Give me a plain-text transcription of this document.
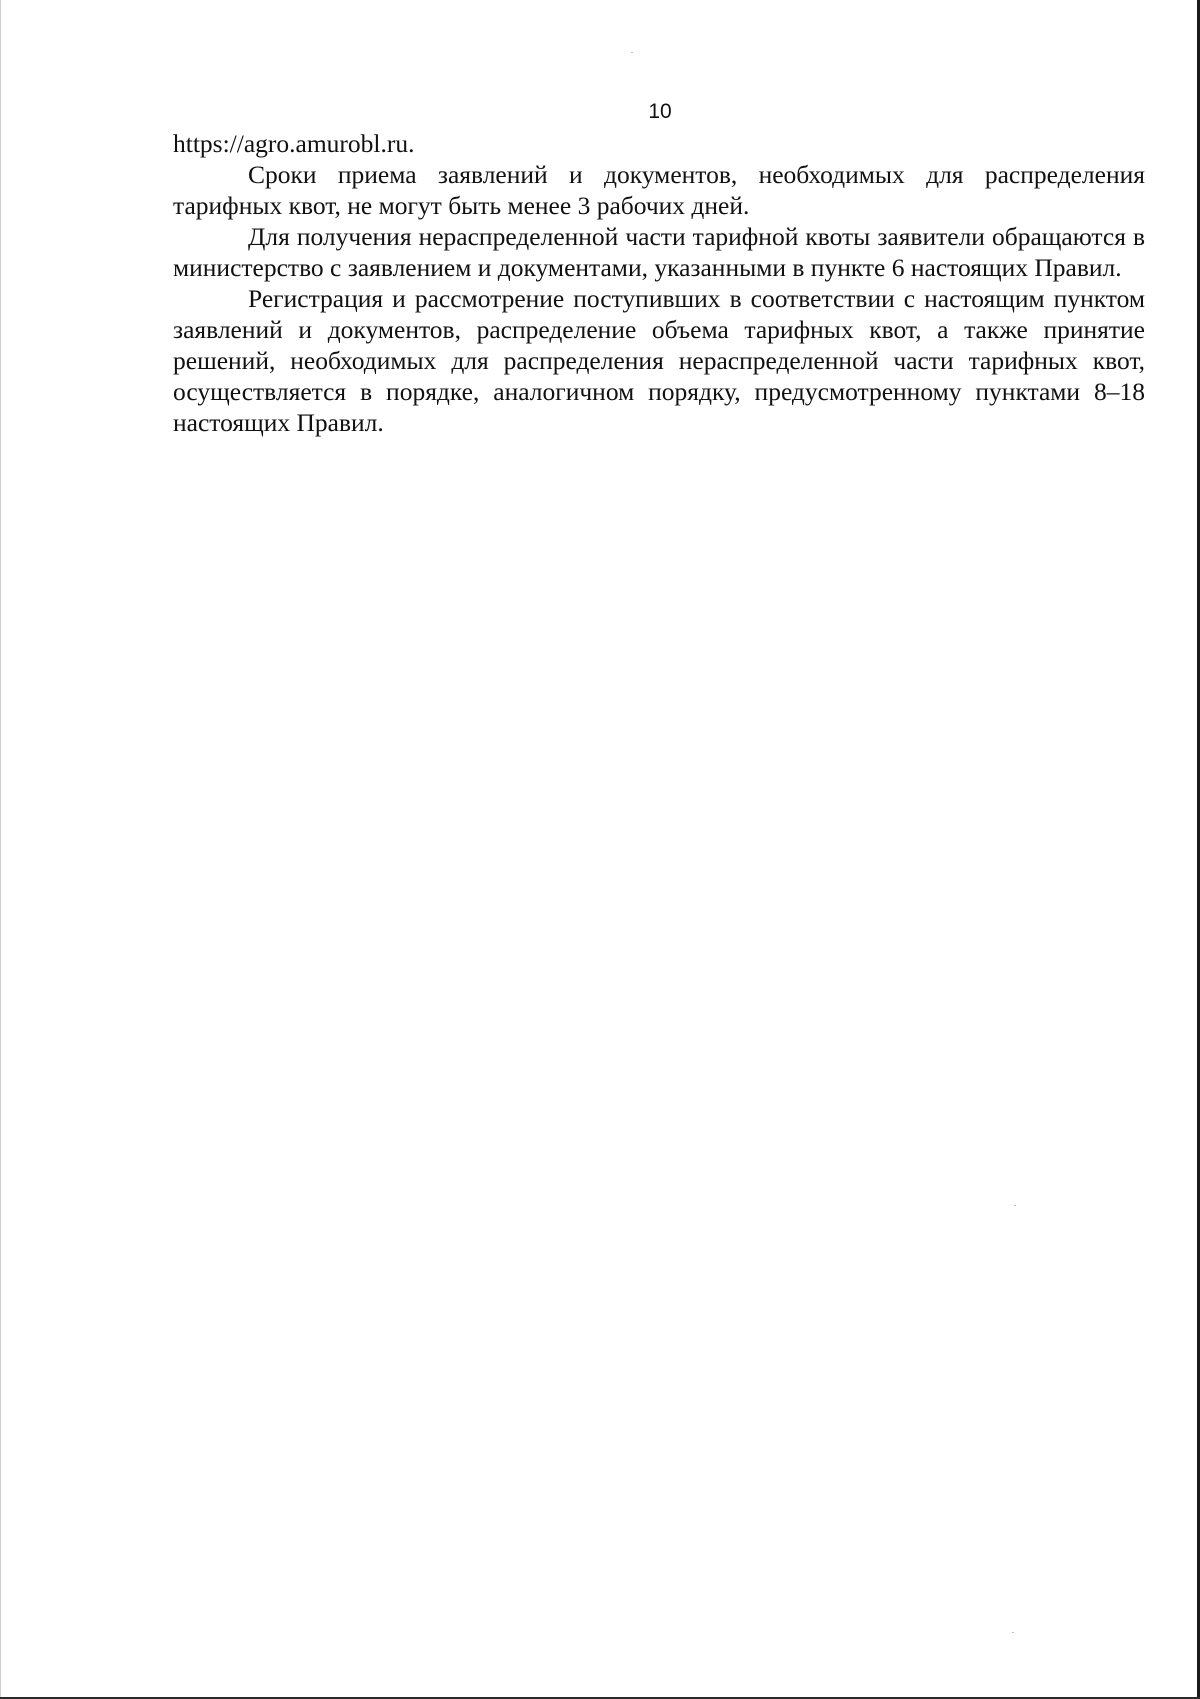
10

https://agro.amurobl.ru.

Сроки приема заявлений и документов, необходимых для распределения тарифных квот, не могут быть менее 3 рабочих дней.

Для получения нераспределенной части тарифной квоты заявители обращаются в министерство с заявлением и документами, указанными в пункте 6 настоящих Правил.

Регистрация и рассмотрение поступивших в соответствии с настоящим пунктом заявлений и документов, распределение объема тарифных квот, а также принятие решений, необходимых для распределения нераспределенной части тарифных квот, осуществляется в порядке, аналогичном порядку, предусмотренному пунктами 8–18 настоящих Правил.
